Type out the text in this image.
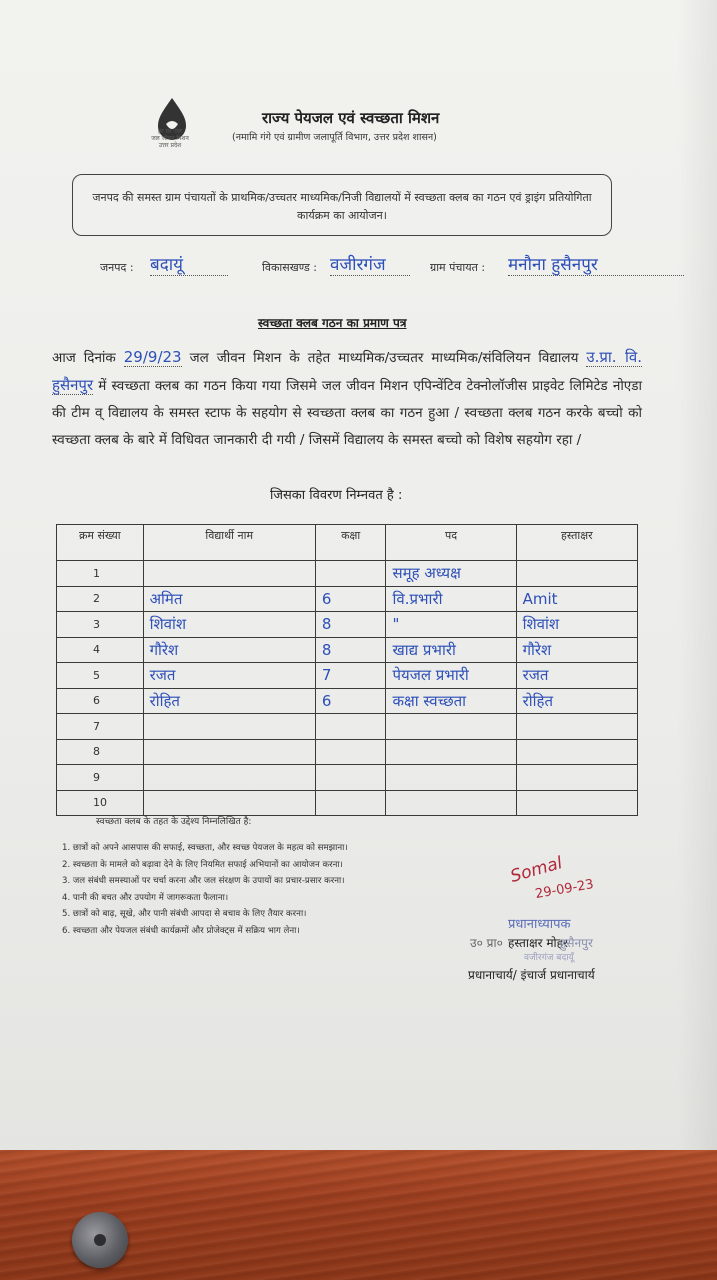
हर घर जल
जल जीवन मिशन
उत्तर प्रदेश
राज्य पेयजल एवं स्वच्छता मिशन
(नमामि गंगे एवं ग्रामीण जलापूर्ति विभाग, उत्तर प्रदेश शासन)
जनपद की समस्त ग्राम पंचायतों के प्राथमिक/उच्चतर माध्यमिक/निजी विद्यालयों में स्वच्छता क्लब का गठन एवं ड्राइंग प्रतियोगिता कार्यक्रम का आयोजन।
जनपद : बदायूं	विकासखण्ड : वजीरगंज	ग्राम पंचायत : मनौना हुसैनपुर
स्वच्छता क्लब गठन का प्रमाण पत्र
आज दिनांक 29/9/23 जल जीवन मिशन के तहेत माध्यमिक/उच्चतर माध्यमिक/संविलियन विद्यालय उ.प्रा. वि. हुसैनपुर में स्वच्छता क्लब का गठन किया गया जिसमे जल जीवन मिशन एपिन्वेंटिव टेक्नोलॉजीस प्राइवेट लिमिटेड नोएडा की टीम व् विद्यालय के समस्त स्टाफ के सहयोग से स्वच्छता क्लब का गठन हुआ / स्वच्छता क्लब गठन करके बच्चो को स्वच्छता क्लब के बारे में विधिवत जानकारी दी गयी / जिसमें विद्यालय के समस्त बच्चो को विशेष सहयोग रहा /
जिसका विवरण निम्नवत है :
क्रम संख्या	विद्यार्थी नाम	कक्षा	पद	हस्ताक्षर
1			समूह अध्यक्ष	
2	अमित	6	वि.प्रभारी	Amit
3	शिवांश	8	"	शिवांश
4	गौरेश	8	खाद्य प्रभारी	गौरेश
5	रजत	7	पेयजल प्रभारी	रजत
6	रोहित	6	कक्षा स्वच्छता	रोहित
7				
8				
9				
10				
स्वच्छता क्लब के तहत के उद्देश्य निम्नलिखित है:
1. छात्रों को अपने आसपास की सफाई, स्वच्छता, और स्वच्छ पेयजल के महत्व को समझाना।
2. स्वच्छता के मामले को बढ़ावा देने के लिए नियमित सफाई अभियानों का आयोजन करना।
3. जल संबंधी समस्याओं पर चर्चा करना और जल संरक्षण के उपायों का प्रचार-प्रसार करना।
4. पानी की बचत और उपयोग में जागरूकता फैलाना।
5. छात्रों को बाढ़, सूखे, और पानी संबंधी आपदा से बचाव के लिए तैयार करना।
6. स्वच्छता और पेयजल संबंधी कार्यक्रमों और प्रोजेक्ट्स में सक्रिय भाग लेना।
Somal
29-09-23
प्रधानाध्यापक
उ० प्रा० हस्ताक्षर मोहर
हुसैनपुर
वजीरगंज बदायूँ
प्रधानाचार्य/ इंचार्ज प्रधानाचार्य
